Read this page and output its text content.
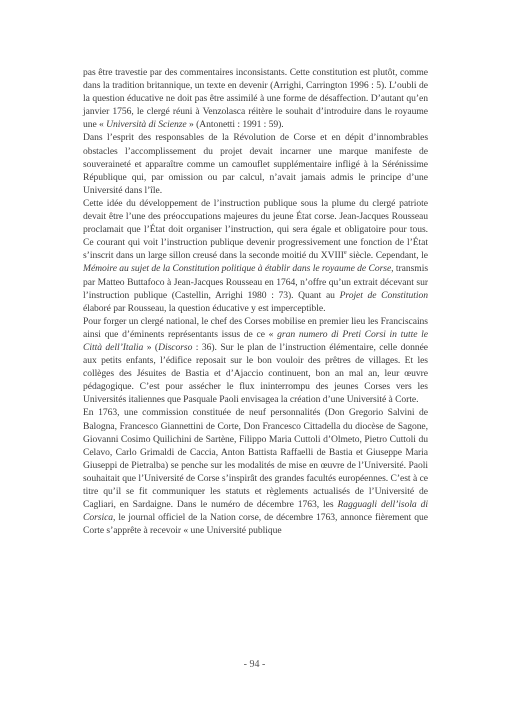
pas être travestie par des commentaires inconsistants. Cette constitution est plutôt, comme dans la tradition britannique, un texte en devenir (Arrighi, Carrington 1996 : 5). L’oubli de la question éducative ne doit pas être assimilé à une forme de désaffection. D’autant qu’en janvier 1756, le clergé réuni à Venzolasca réitère le souhait d’introduire dans le royaume une « Università di Scienze » (Antonetti : 1991 : 59).

Dans l’esprit des responsables de la Révolution de Corse et en dépit d’innombrables obstacles l’accomplissement du projet devait incarner une marque manifeste de souveraineté et apparaître comme un camouflet supplémentaire infligé à la Sérénissime République qui, par omission ou par calcul, n’avait jamais admis le principe d’une Université dans l’île.

Cette idée du développement de l’instruction publique sous la plume du clergé patriote devait être l’une des préoccupations majeures du jeune État corse. Jean-Jacques Rousseau proclamait que l’État doit organiser l’instruction, qui sera égale et obligatoire pour tous. Ce courant qui voit l’instruction publique devenir progressivement une fonction de l’État s’inscrit dans un large sillon creusé dans la seconde moitié du XVIIIe siècle. Cependant, le Mémoire au sujet de la Constitution politique à établir dans le royaume de Corse, transmis par Matteo Buttafoco à Jean-Jacques Rousseau en 1764, n’offre qu’un extrait décevant sur l’instruction publique (Castellin, Arrighi 1980 : 73). Quant au Projet de Constitution élaboré par Rousseau, la question éducative y est imperceptible.

Pour forger un clergé national, le chef des Corses mobilise en premier lieu les Franciscains ainsi que d’éminents représentants issus de ce « gran numero di Preti Corsi in tutte le Città dell’Italia » (Discorso : 36). Sur le plan de l’instruction élémentaire, celle donnée aux petits enfants, l’édifice reposait sur le bon vouloir des prêtres de villages. Et les collèges des Jésuites de Bastia et d’Ajaccio continuent, bon an mal an, leur œuvre pédagogique. C’est pour assécher le flux ininterrompu des jeunes Corses vers les Universités italiennes que Pasquale Paoli envisagea la création d’une Université à Corte.

En 1763, une commission constituée de neuf personnalités (Don Gregorio Salvini de Balogna, Francesco Giannettini de Corte, Don Francesco Cittadella du diocèse de Sagone, Giovanni Cosimo Quilichini de Sartène, Filippo Maria Cuttoli d’Olmeto, Pietro Cuttoli du Celavo, Carlo Grimaldi de Caccia, Anton Battista Raffaelli de Bastia et Giuseppe Maria Giuseppi de Pietralba) se penche sur les modalités de mise en œuvre de l’Université. Paoli souhaitait que l’Université de Corse s’inspirât des grandes facultés européennes. C’est à ce titre qu’il se fit communiquer les statuts et règlements actualisés de l’Université de Cagliari, en Sardaigne. Dans le numéro de décembre 1763, les Ragguagli dell’isola di Corsica, le journal officiel de la Nation corse, de décembre 1763, annonce fièrement que Corte s’apprête à recevoir « une Université publique

- 94 -
